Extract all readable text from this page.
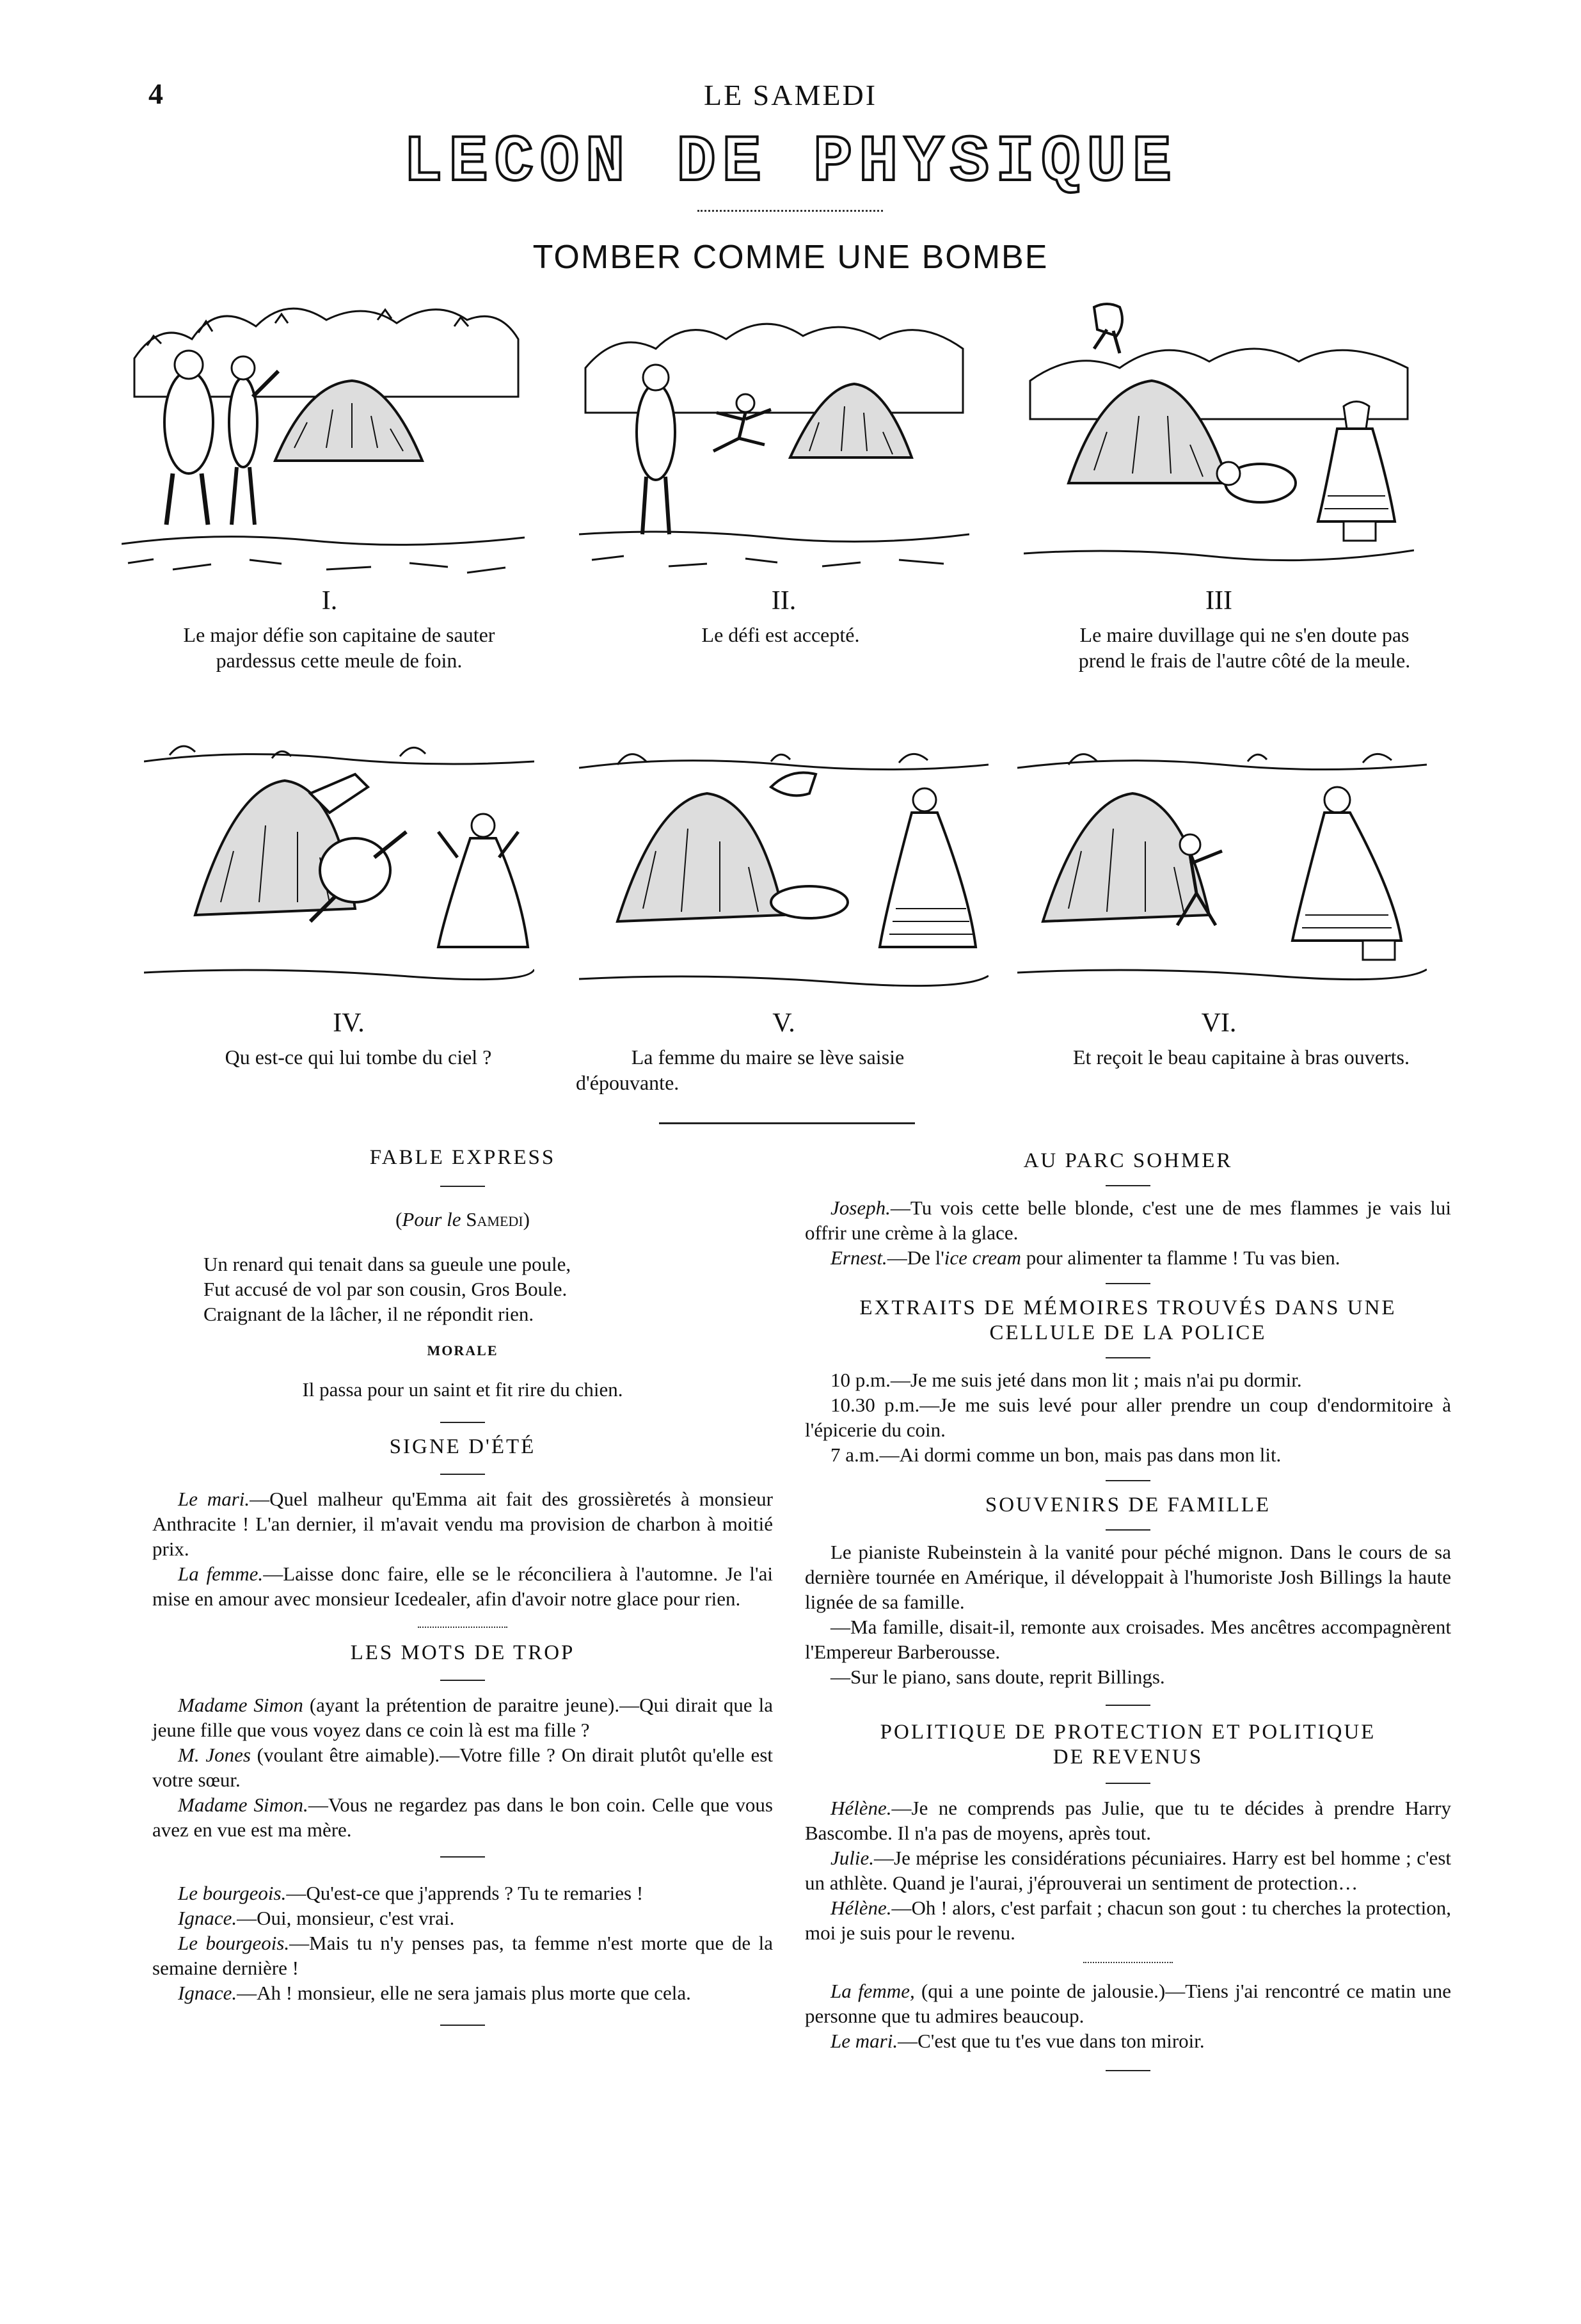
4	LE SAMEDI
LECON DE PHYSIQUE
TOMBER COMME UNE BOMBE
I.
Le major défie son capitaine de sauter
pardessus cette meule de foin.
II.
Le défi est accepté.
III
Le maire duvillage qui ne s'en doute pas
prend le frais de l'autre côté de la meule.
IV.
Qu est-ce qui lui tombe du ciel ?
V.
La femme du maire se lève saisie
d'épouvante.
VI.
Et reçoit le beau capitaine à bras ouverts.

FABLE EXPRESS

(Pour le Samedi)

Un renard qui tenait dans sa gueule une poule,

Fut accusé de vol par son cousin, Gros Boule.

Craignant de la lâcher, il ne répondit rien.

MORALE

Il passa pour un saint et fit rire du chien.

SIGNE D'ÉTÉ

Le mari.—Quel malheur qu'Emma ait fait des grossièretés à monsieur Anthracite ! L'an dernier, il m'avait vendu ma provision de charbon à moitié prix.

La femme.—Laisse donc faire, elle se le réconciliera à l'automne. Je l'ai mise en amour avec monsieur Icedealer, afin d'avoir notre glace pour rien.

LES MOTS DE TROP

Madame Simon (ayant la prétention de paraitre jeune).—Qui dirait que la jeune fille que vous voyez dans ce coin là est ma fille ?

M. Jones (voulant être aimable).—Votre fille ? On dirait plutôt qu'elle est votre sœur.

Madame Simon.—Vous ne regardez pas dans le bon coin. Celle que vous avez en vue est ma mère.

Le bourgeois.—Qu'est-ce que j'apprends ? Tu te remaries !

Ignace.—Oui, monsieur, c'est vrai.

Le bourgeois.—Mais tu n'y penses pas, ta femme n'est morte que de la semaine dernière !

Ignace.—Ah ! monsieur, elle ne sera jamais plus morte que cela.

AU PARC SOHMER

Joseph.—Tu vois cette belle blonde, c'est une de mes flammes je vais lui offrir une crème à la glace.

Ernest.—De l'ice cream pour alimenter ta flamme ! Tu vas bien.

EXTRAITS DE MÉMOIRES TROUVÉS DANS UNE

CELLULE DE LA POLICE

10 p.m.—Je me suis jeté dans mon lit ; mais n'ai pu dormir.

10.30 p.m.—Je me suis levé pour aller prendre un coup d'endormitoire à l'épicerie du coin.

7 a.m.—Ai dormi comme un bon, mais pas dans mon lit.

SOUVENIRS DE FAMILLE

Le pianiste Rubeinstein à la vanité pour péché mignon. Dans le cours de sa dernière tournée en Amérique, il développait à l'humoriste Josh Billings la haute lignée de sa famille.

—Ma famille, disait-il, remonte aux croisades. Mes ancêtres accompagnèrent l'Empereur Barberousse.

—Sur le piano, sans doute, reprit Billings.

POLITIQUE DE PROTECTION ET POLITIQUE

DE REVENUS

Hélène.—Je ne comprends pas Julie, que tu te décides à prendre Harry Bascombe. Il n'a pas de moyens, après tout.

Julie.—Je méprise les considérations pécuniaires. Harry est bel homme ; c'est un athlète. Quand je l'aurai, j'éprouverai un sentiment de protection…

Hélène.—Oh ! alors, c'est parfait ; chacun son gout : tu cherches la protection, moi je suis pour le revenu.

La femme, (qui a une pointe de jalousie.)—Tiens j'ai rencontré ce matin une personne que tu admires beaucoup.

Le mari.—C'est que tu t'es vue dans ton miroir.
